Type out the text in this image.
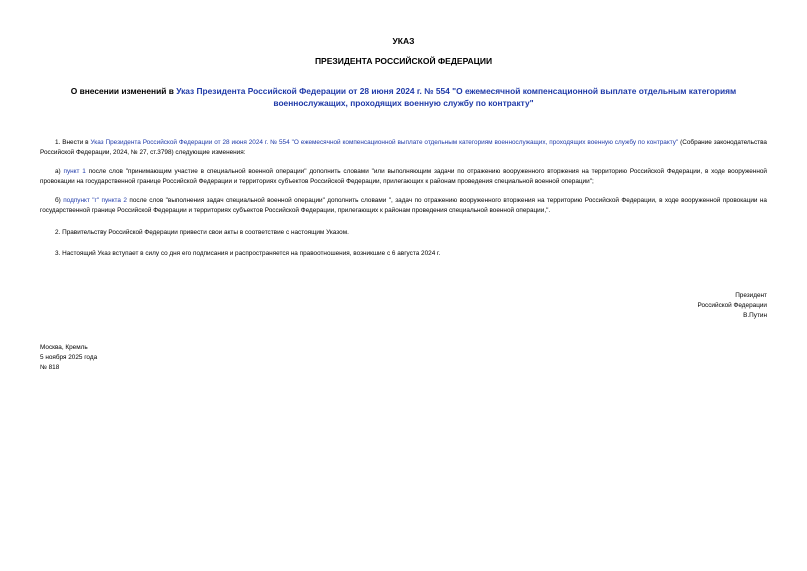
УКАЗ
ПРЕЗИДЕНТА РОССИЙСКОЙ ФЕДЕРАЦИИ
О внесении изменений в Указ Президента Российской Федерации от 28 июня 2024 г. № 554 "О ежемесячной компенсационной выплате отдельным категориям военнослужащих, проходящих военную службу по контракту"
1. Внести в Указ Президента Российской Федерации от 28 июня 2024 г. № 554 "О ежемесячной компенсационной выплате отдельным категориям военнослужащих, проходящих военную службу по контракту" (Собрание законодательства Российской Федерации, 2024, № 27, ст.3798) следующие изменения:
а) пункт 1 после слов "принимающим участие в специальной военной операции" дополнить словами "или выполняющим задачи по отражению вооруженного вторжения на территорию Российской Федерации, в ходе вооруженной провокации на государственной границе Российской Федерации и территориях субъектов Российской Федерации, прилегающих к районам проведения специальной военной операции";
б) подпункт "г" пункта 2 после слов "выполнения задач специальной военной операции" дополнить словами ", задач по отражению вооруженного вторжения на территорию Российской Федерации, в ходе вооруженной провокации на государственной границе Российской Федерации и территориях субъектов Российской Федерации, прилегающих к районам проведения специальной военной операции,".
2. Правительству Российской Федерации привести свои акты в соответствие с настоящим Указом.
3. Настоящий Указ вступает в силу со дня его подписания и распространяется на правоотношения, возникшие с 6 августа 2024 г.
Президент
Российской Федерации
В.Путин
Москва, Кремль
5 ноября 2025 года
№ 818
